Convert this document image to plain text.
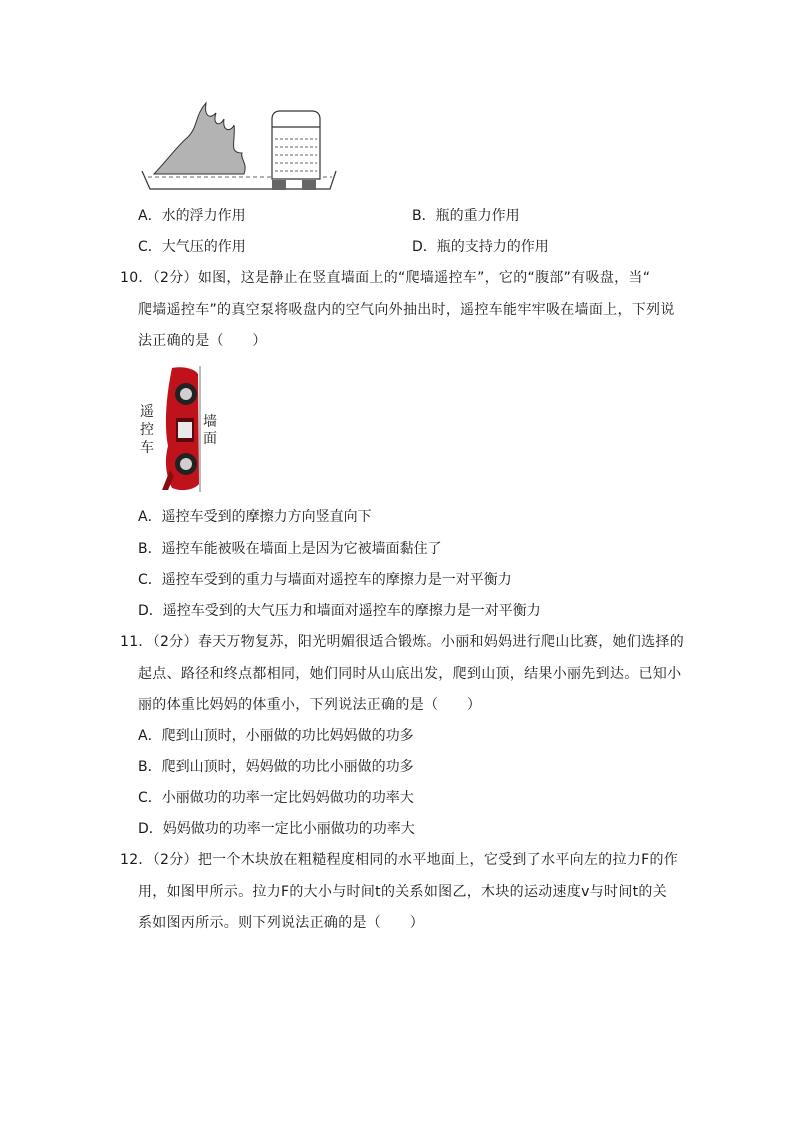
A．水的浮力作用	B．瓶的重力作用
C．大气压的作用	D．瓶的支持力的作用
10．（2分）如图，这是静止在竖直墙面上的“爬墙遥控车”，它的“腹部”有吸盘，当“
爬墙遥控车”的真空泵将吸盘内的空气向外抽出时，遥控车能牢牢吸在墙面上，下列说
法正确的是（　　）
遥
控
车
墙
面
A．遥控车受到的摩擦力方向竖直向下
B．遥控车能被吸在墙面上是因为它被墙面黏住了
C．遥控车受到的重力与墙面对遥控车的摩擦力是一对平衡力
D．遥控车受到的大气压力和墙面对遥控车的摩擦力是一对平衡力
11．（2分）春天万物复苏，阳光明媚很适合锻炼。小丽和妈妈进行爬山比赛，她们选择的
起点、路径和终点都相同，她们同时从山底出发，爬到山顶，结果小丽先到达。已知小
丽的体重比妈妈的体重小，下列说法正确的是（　　）
A．爬到山顶时，小丽做的功比妈妈做的功多
B．爬到山顶时，妈妈做的功比小丽做的功多
C．小丽做功的功率一定比妈妈做功的功率大
D．妈妈做功的功率一定比小丽做功的功率大
12．（2分）把一个木块放在粗糙程度相同的水平地面上，它受到了水平向左的拉力F的作
用，如图甲所示。拉力F的大小与时间t的关系如图乙，木块的运动速度v与时间t的关
系如图丙所示。则下列说法正确的是（　　）
